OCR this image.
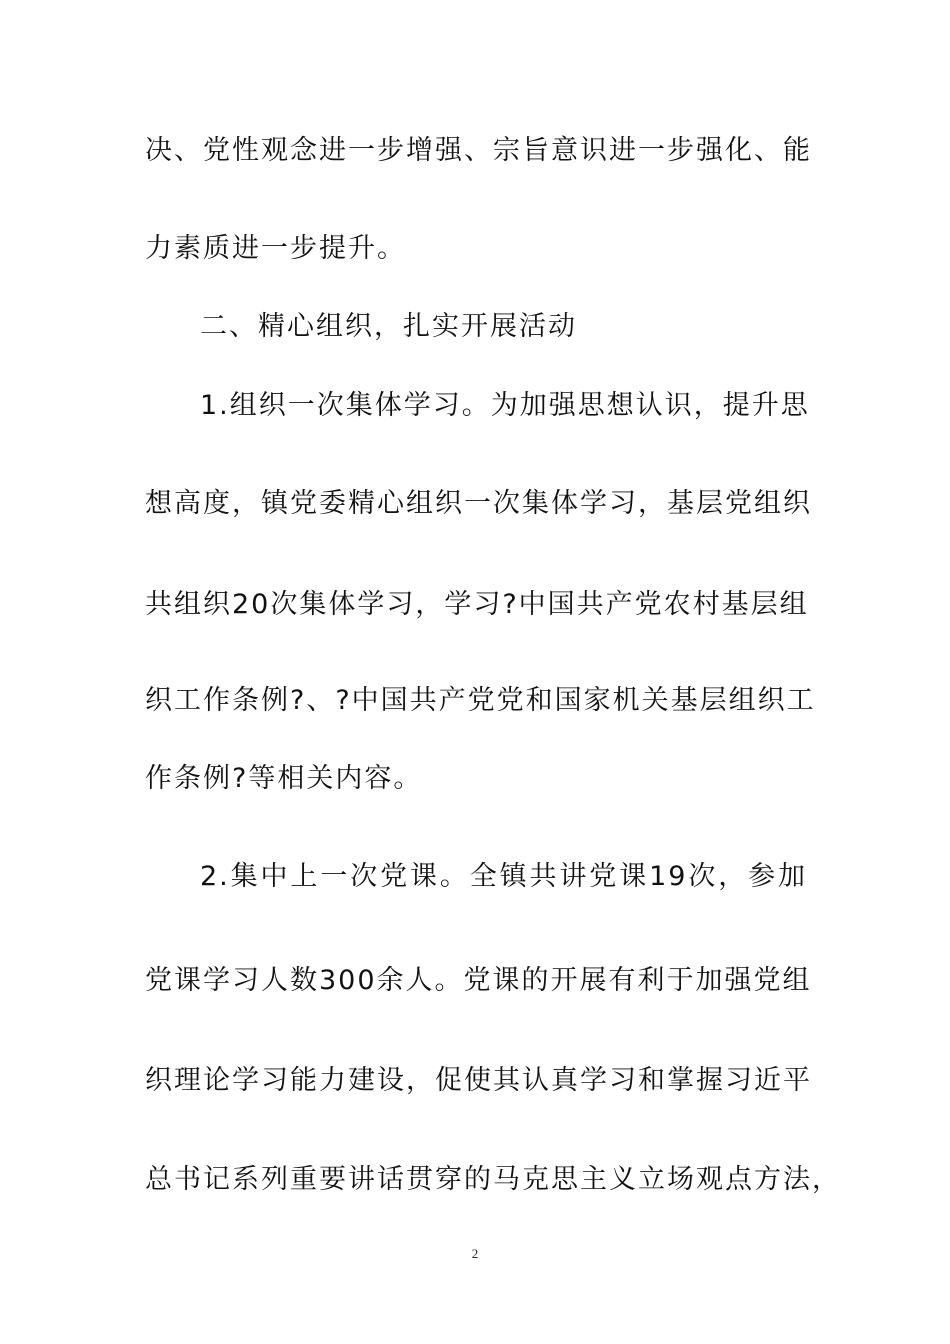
决、党性观念进一步增强、宗旨意识进一步强化、能
力素质进一步提升。
二、精心组织，扎实开展活动
1.组织一次集体学习。为加强思想认识，提升思
想高度，镇党委精心组织一次集体学习，基层党组织
共组织20次集体学习，学习?中国共产党农村基层组
织工作条例?、?中国共产党党和国家机关基层组织工
作条例?等相关内容。
2.集中上一次党课。全镇共讲党课19次，参加
党课学习人数300余人。党课的开展有利于加强党组
织理论学习能力建设，促使其认真学习和掌握习近平
总书记系列重要讲话贯穿的马克思主义立场观点方法，
2
